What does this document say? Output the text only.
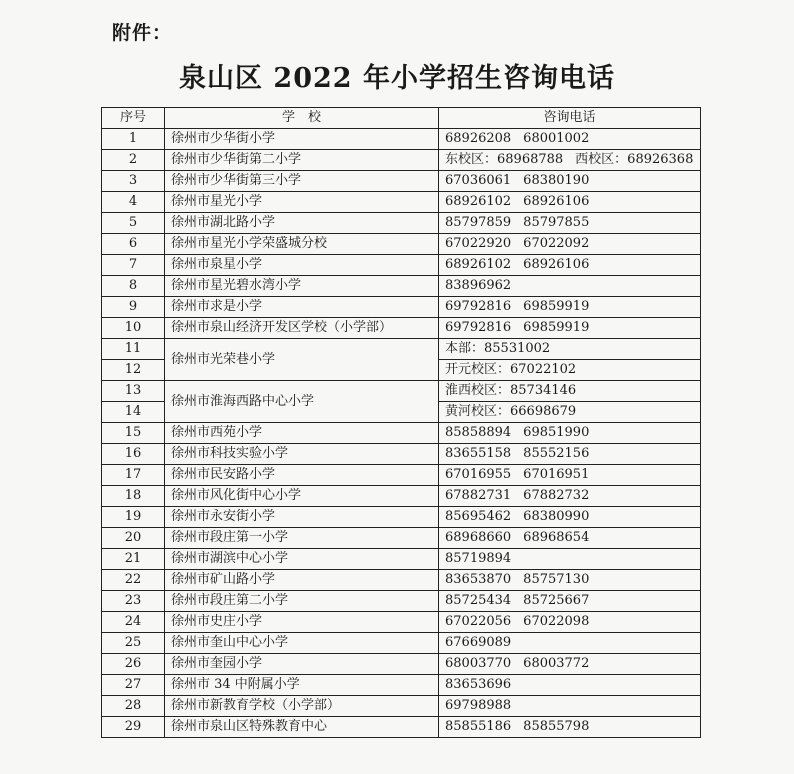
附件：
泉山区 2022 年小学招生咨询电话
序号	学　校	咨询电话
1	徐州市少华街小学	68926208 68001002
2	徐州市少华街第二小学	东校区：68968788 西校区：68926368
3	徐州市少华街第三小学	67036061 68380190
4	徐州市星光小学	68926102 68926106
5	徐州市湖北路小学	85797859 85797855
6	徐州市星光小学荣盛城分校	67022920 67022092
7	徐州市泉星小学	68926102 68926106
8	徐州市星光碧水湾小学	83896962
9	徐州市求是小学	69792816 69859919
10	徐州市泉山经济开发区学校（小学部）	69792816 69859919
11	徐州市光荣巷小学	本部：85531002
12		开元校区：67022102
13	徐州市淮海西路中心小学	淮西校区：85734146
14		黄河校区：66698679
15	徐州市西苑小学	85858894 69851990
16	徐州市科技实验小学	83655158 85552156
17	徐州市民安路小学	67016955 67016951
18	徐州市风化街中心小学	67882731 67882732
19	徐州市永安街小学	85695462 68380990
20	徐州市段庄第一小学	68968660 68968654
21	徐州市湖滨中心小学	85719894
22	徐州市矿山路小学	83653870 85757130
23	徐州市段庄第二小学	85725434 85725667
24	徐州市史庄小学	67022056 67022098
25	徐州市奎山中心小学	67669089
26	徐州市奎园小学	68003770 68003772
27	徐州市 34 中附属小学	83653696
28	徐州市新教育学校（小学部）	69798988
29	徐州市泉山区特殊教育中心	85855186 85855798
